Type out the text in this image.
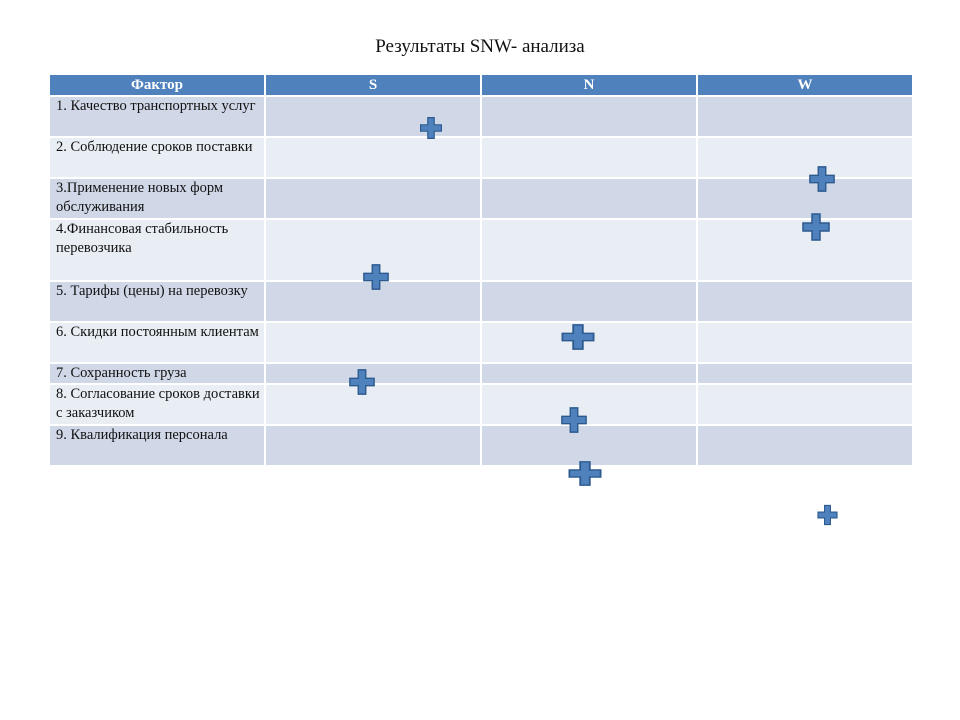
Результаты SNW- анализа
Фактор	S	N	W
1. Качество транспортных услуг			
2. Соблюдение сроков поставки			
3.Применение новых форм обслуживания			
4.Финансовая стабильность перевозчика			
5. Тарифы (цены) на перевозку			
6. Скидки постоянным клиентам			
7. Сохранность груза			
8. Согласование сроков доставки с заказчиком			
9. Квалификация персонала			
